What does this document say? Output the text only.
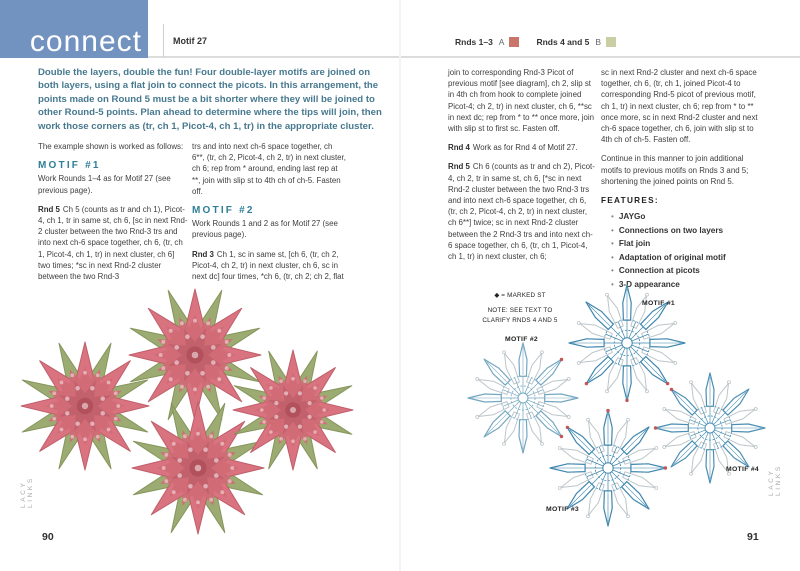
connect	Motif 27	Rnds 1–3 A	Rnds 4 and 5 B
Double the layers, double the fun! Four double-layer motifs are joined on both layers, using a flat join to connect the picots. In this arrangement, the points made on Round 5 must be a bit shorter where they will be joined to other Round-5 points. Plan ahead to determine where the tips will join, then work those corners as (tr, ch 1, Picot-4, ch 1, tr) in the appropriate cluster.

The example shown is worked as follows:

MOTIF #1

Work Rounds 1–4 as for Motif 27 (see previous page).

Rnd 5 Ch 5 (counts as tr and ch 1), Picot-4, ch 1, tr in same st, ch 6, [sc in next Rnd-2 cluster between the two Rnd-3 trs and into next ch-6 space together, ch 6, (tr, ch 1, Picot-4, ch 1, tr) in next cluster, ch 6] two times; *sc in next Rnd-2 cluster between the two Rnd-3

trs and into next ch-6 space together, ch 6**, (tr, ch 2, Picot-4, ch 2, tr) in next cluster, ch 6; rep from * around, ending last rep at **, join with slip st to 4th ch of ch-5. Fasten off.

MOTIF #2

Work Rounds 1 and 2 as for Motif 27 (see previous page).

Rnd 3 Ch 1, sc in same st, [ch 6, (tr, ch 2, Picot-4, ch 2, tr) in next cluster, ch 6, sc in next dc] four times, *ch 6, (tr, ch 2; ch 2, flat

join to corresponding Rnd-3 Picot of previous motif [see diagram], ch 2, slip st in 4th ch from hook to complete joined Picot-4; ch 2, tr) in next cluster, ch 6, **sc in next dc; rep from * to ** once more, join with slip st to first sc. Fasten off.

Rnd 4 Work as for Rnd 4 of Motif 27.

Rnd 5 Ch 6 (counts as tr and ch 2), Picot-4, ch 2, tr in same st, ch 6, [*sc in next Rnd-2 cluster between the two Rnd-3 trs and into next ch-6 space together, ch 6, (tr, ch 2, Picot-4, ch 2, tr) in next cluster, ch 6**] twice; sc in next Rnd-2 cluster between the 2 Rnd-3 trs and into next ch-6 space together, ch 6, (tr, ch 1, Picot-4, ch 1, tr) in next cluster, ch 6;

sc in next Rnd-2 cluster and next ch-6 space together, ch 6, (tr, ch 1, joined Picot-4 to corresponding Rnd-5 picot of previous motif, ch 1, tr) in next cluster, ch 6; rep from * to ** once more, sc in next Rnd-2 cluster and next ch-6 space together, ch 6, join with slip st to 4th ch of ch-5. Fasten off.

Continue in this manner to join additional motifs to previous motifs on Rnds 3 and 5; shortening the joined points on Rnd 5.

FEATURES:
• JAYGo
• Connections on two layers
• Flat join
• Adaptation of original motif
• Connection at picots
• 3-D appearance
◆ = MARKED ST
NOTE: SEE TEXT TO
CLARIFY RNDS 4 AND 5
MOTIF #1
MOTIF #2
MOTIF #3
MOTIF #4
LACY LINKS	LACY LINKS
90	91
